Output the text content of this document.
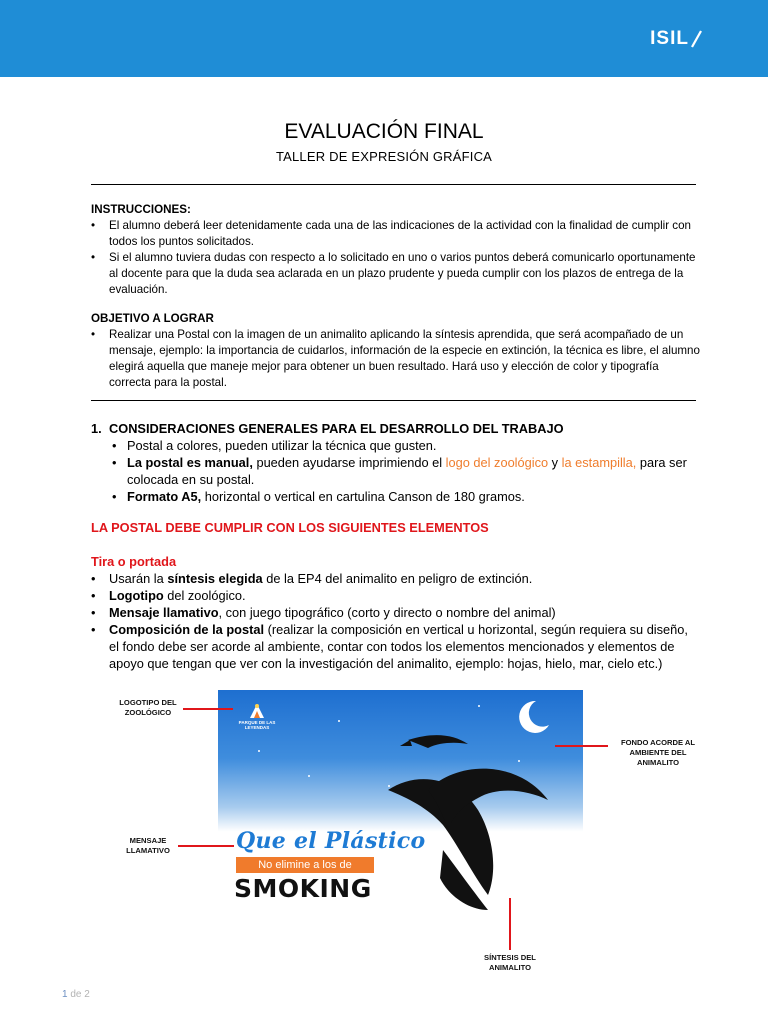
ISIL
EVALUACIÓN FINAL
TALLER DE EXPRESIÓN GRÁFICA
INSTRUCCIONES:
• El alumno deberá leer detenidamente cada una de las indicaciones de la actividad con la finalidad de cumplir con todos los puntos solicitados.
• Si el alumno tuviera dudas con respecto a lo solicitado en uno o varios puntos deberá comunicarlo oportunamente al docente para que la duda sea aclarada en un plazo prudente y pueda cumplir con los plazos de entrega de la evaluación.
OBJETIVO A LOGRAR
• Realizar una Postal con la imagen de un animalito aplicando la síntesis aprendida, que será acompañado de un mensaje, ejemplo: la importancia de cuidarlos, información de la especie en extinción, la técnica es libre, el alumno elegirá aquella que maneje mejor para obtener un buen resultado. Hará uso y elección de color y tipografía correcta para la postal.
1. CONSIDERACIONES GENERALES PARA EL DESARROLLO DEL TRABAJO
• Postal a colores, pueden utilizar la técnica que gusten.
• La postal es manual, pueden ayudarse imprimiendo el logo del zoológico y la estampilla, para ser colocada en su postal.
• Formato A5, horizontal o vertical en cartulina Canson de 180 gramos.
LA POSTAL DEBE CUMPLIR CON LOS SIGUIENTES ELEMENTOS
Tira o portada
• Usarán la síntesis elegida de la EP4 del animalito en peligro de extinción.
• Logotipo del zoológico.
• Mensaje llamativo, con juego tipográfico (corto y directo o nombre del animal)
• Composición de la postal (realizar la composición en vertical u horizontal, según requiera su diseño, el fondo debe ser acorde al ambiente, contar con todos los elementos mencionados y elementos de apoyo que tengan que ver con la investigación del animalito, ejemplo: hojas, hielo, mar, cielo etc.)
PARQUE DE LAS LEYENDAS
Que el Plástico
No elimine a los de
SMOKING
LOGOTIPO DEL ZOOLÓGICO
FONDO ACORDE AL AMBIENTE DEL ANIMALITO
MENSAJE LLAMATIVO
SÍNTESIS DEL ANIMALITO
1 de 2
